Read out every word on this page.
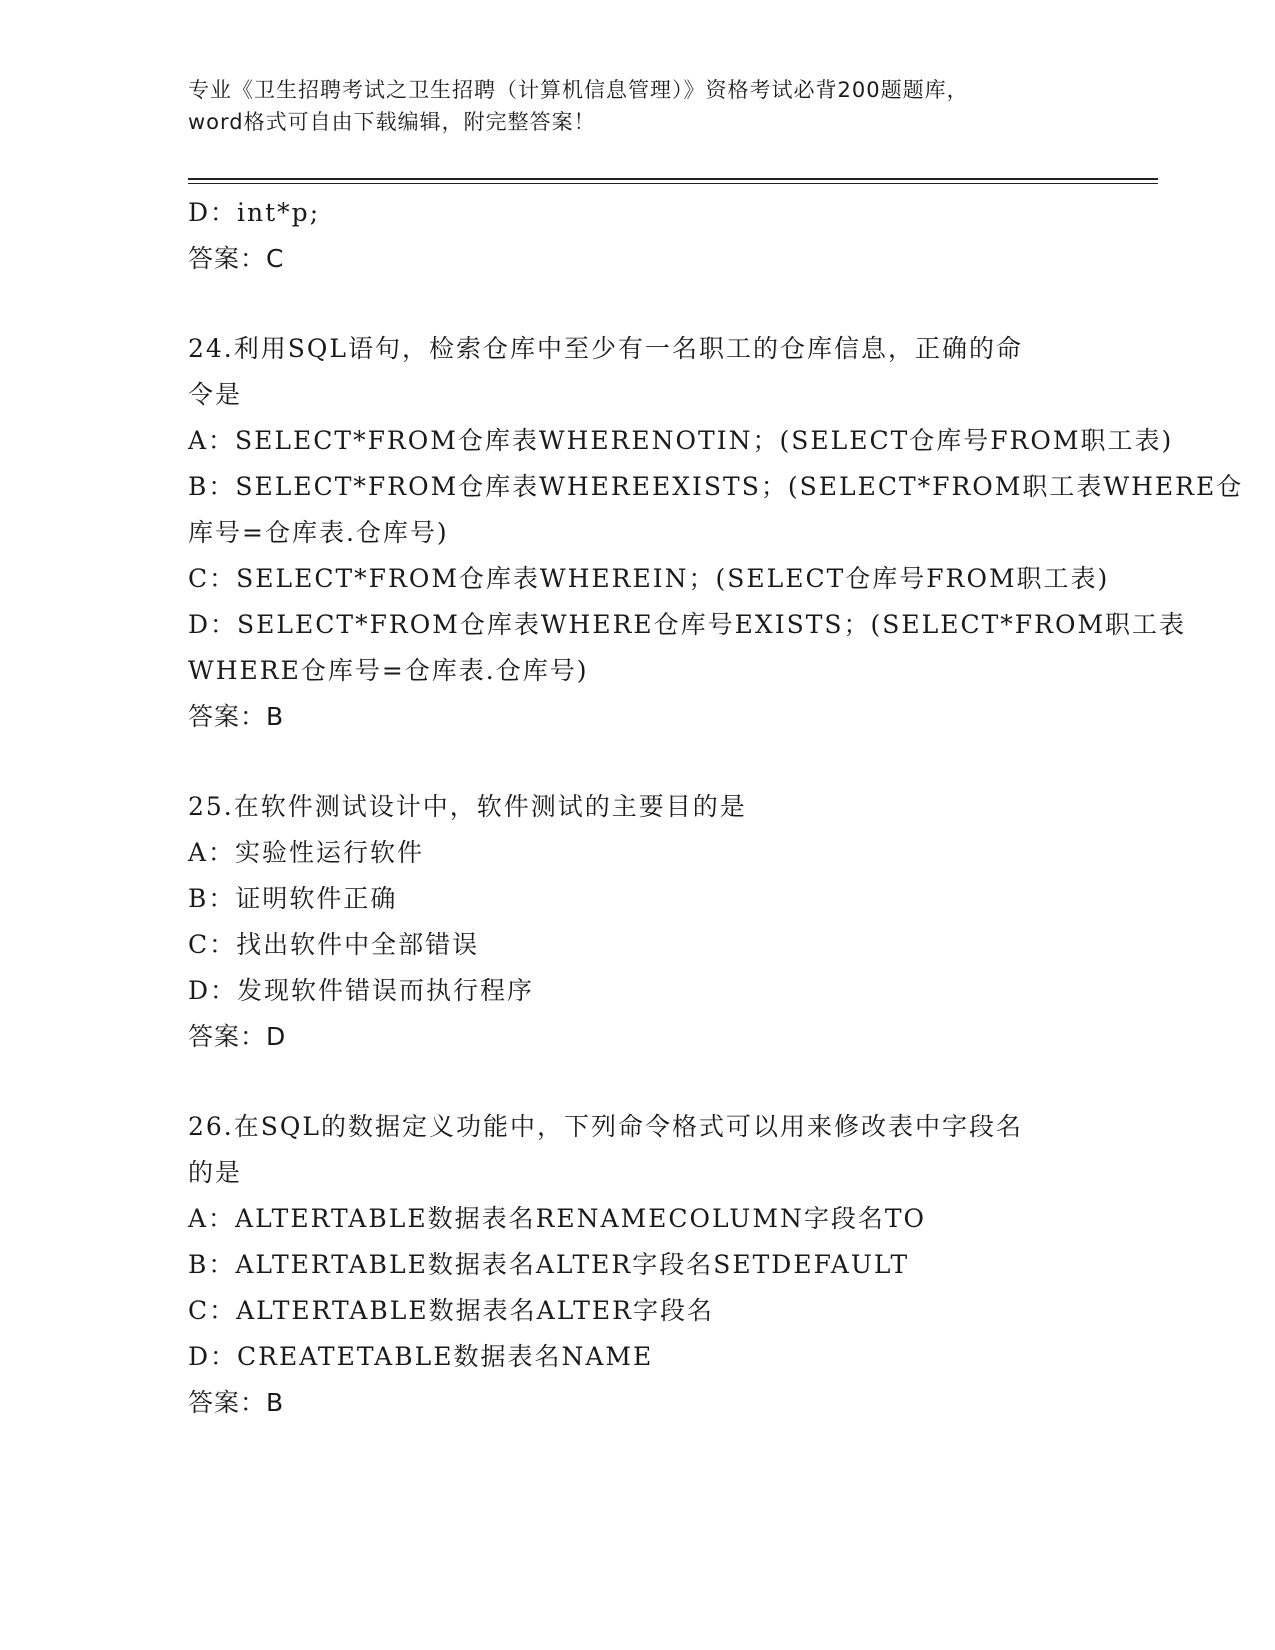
专业《卫生招聘考试之卫生招聘（计算机信息管理）》资格考试必背200题题库，
word格式可自由下载编辑，附完整答案！
D：int*p;
答案：C
24.利用SQL语句，检索仓库中至少有一名职工的仓库信息，正确的命
令是
A：SELECT*FROM仓库表WHERENOTIN；(SELECT仓库号FROM职工表)
B：SELECT*FROM仓库表WHEREEXISTS；(SELECT*FROM职工表WHERE仓
库号=仓库表.仓库号)
C：SELECT*FROM仓库表WHEREIN；(SELECT仓库号FROM职工表)
D：SELECT*FROM仓库表WHERE仓库号EXISTS；(SELECT*FROM职工表
WHERE仓库号=仓库表.仓库号)
答案：B
25.在软件测试设计中，软件测试的主要目的是
A：实验性运行软件
B：证明软件正确
C：找出软件中全部错误
D：发现软件错误而执行程序
答案：D
26.在SQL的数据定义功能中，下列命令格式可以用来修改表中字段名
的是
A：ALTERTABLE数据表名RENAMECOLUMN字段名TO
B：ALTERTABLE数据表名ALTER字段名SETDEFAULT
C：ALTERTABLE数据表名ALTER字段名
D：CREATETABLE数据表名NAME
答案：B
